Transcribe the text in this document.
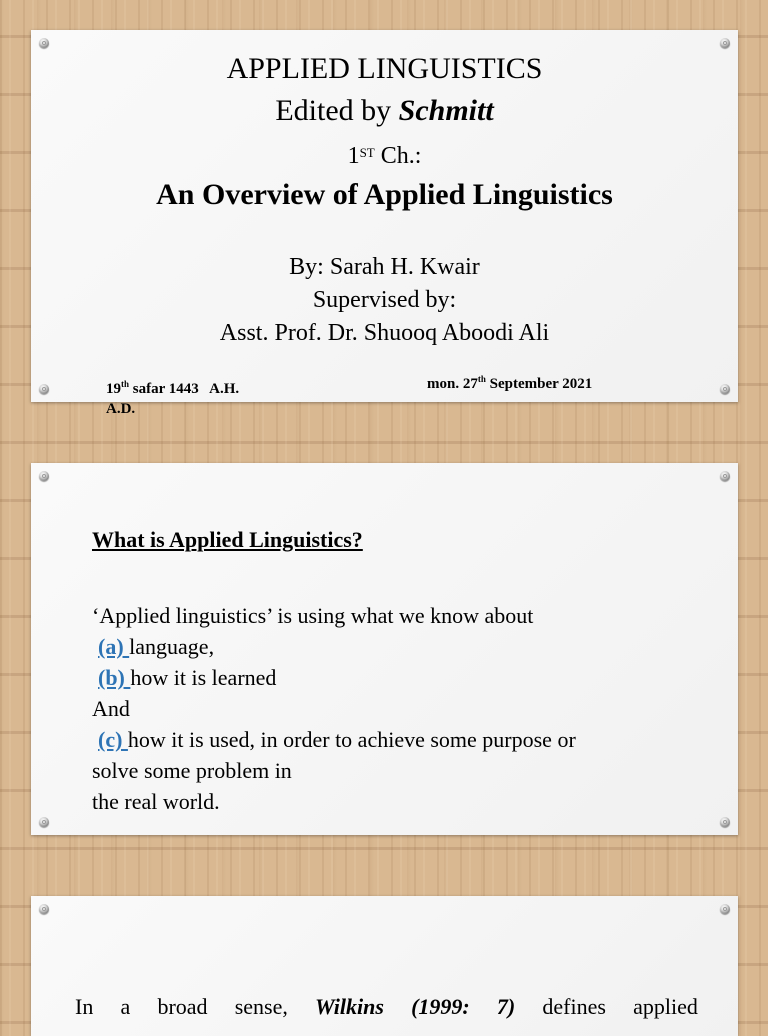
APPLIED LINGUISTICS
Edited by Schmitt
1ST Ch.:
An Overview of Applied Linguistics
By: Sarah H. Kwair
Supervised by:
Asst. Prof. Dr. Shuooq Aboodi Ali
19th safar 1443   A.H.
A.D.
mon. 27th September 2021
What is Applied Linguistics?
‘Applied linguistics’ is using what we know about
(a) language,
(b) how it is learned
And
(c) how it is used, in order to achieve some purpose or
solve some problem in
the real world.
In a broad sense, Wilkins (1999: 7) defines applied
